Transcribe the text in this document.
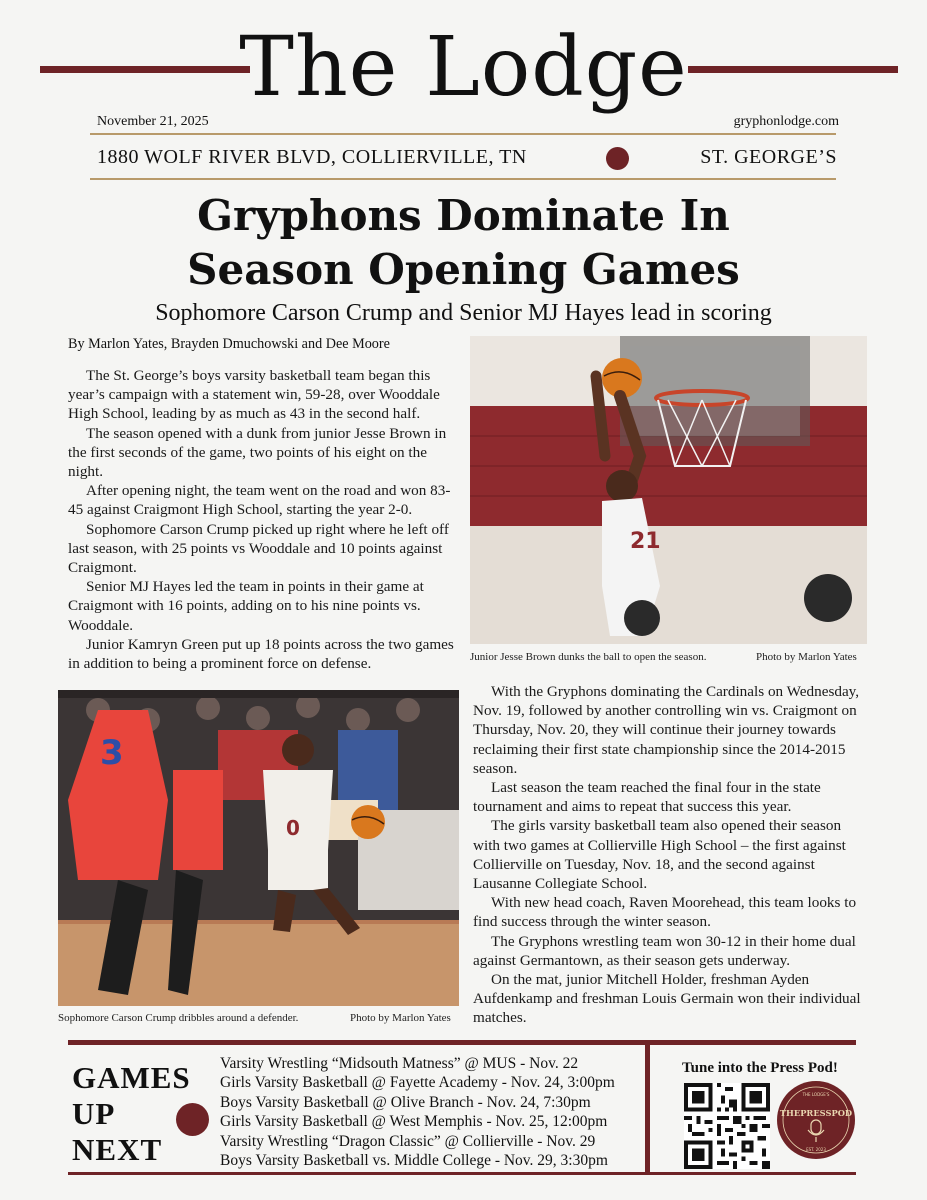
The Lodge
November 21, 2025	gryphonlodge.com
1880 WOLF RIVER BLVD, COLLIERVILLE, TN	ST. GEORGE’S
Gryphons Dominate In
Season Opening Games
Sophomore Carson Crump and Senior MJ Hayes lead in scoring
By Marlon Yates, Brayden Dmuchowski and Dee Moore

The St. George’s boys varsity basketball team began this year’s campaign with a statement win, 59-28, over Wooddale High School, leading by as much as 43 in the second half.

The season opened with a dunk from junior Jesse Brown in the first seconds of the game, two points of his eight on the night.

After opening night, the team went on the road and won 83-45 against Craigmont High School, starting the year 2-0.

Sophomore Carson Crump picked up right where he left off last season, with 25 points vs Wooddale and 10 points against Craigmont.

Senior MJ Hayes led the team in points in their game at Craigmont with 16 points, adding on to his nine points vs. Wooddale.

Junior Kamryn Green put up 18 points across the two games in addition to being a prominent force on defense.

21
Junior Jesse Brown dunks the ball to open the season.	Photo by Marlon Yates
3
0
Sophomore Carson Crump dribbles around a defender.	Photo by Marlon Yates

With the Gryphons dominating the Cardinals on Wednesday, Nov. 19, followed by another controlling win vs. Craigmont on Thursday, Nov. 20, they will continue their journey towards reclaiming their first state championship since the 2014-2015 season.

Last season the team reached the final four in the state tournament and aims to repeat that success this year.

The girls varsity basketball team also opened their season with two games at Collierville High School – the first against Collierville on Tuesday, Nov. 18, and the second against Lausanne Collegiate School.

With new head coach, Raven Moorehead, this team looks to find success through the winter season.

The Gryphons wrestling team won 30-12 in their home dual against Germantown, as their season gets underway.

On the mat, junior Mitchell Holder, freshman Ayden Aufdenkamp and freshman Louis Germain won their individual matches.

GAMES
UP
NEXT
Varsity Wrestling “Midsouth Matness” @ MUS - Nov. 22
Girls Varsity Basketball @ Fayette Academy - Nov. 24, 3:00pm
Boys Varsity Basketball @ Olive Branch - Nov. 24, 7:30pm
Girls Varsity Basketball @ West Memphis - Nov. 25, 12:00pm
Varsity Wrestling “Dragon Classic” @ Collierville - Nov. 29
Boys Varsity Basketball vs. Middle College - Nov. 29, 3:30pm
Tune into the Press Pod!
THE LODGE'S
THEPRESSPOD
EST. 2023
